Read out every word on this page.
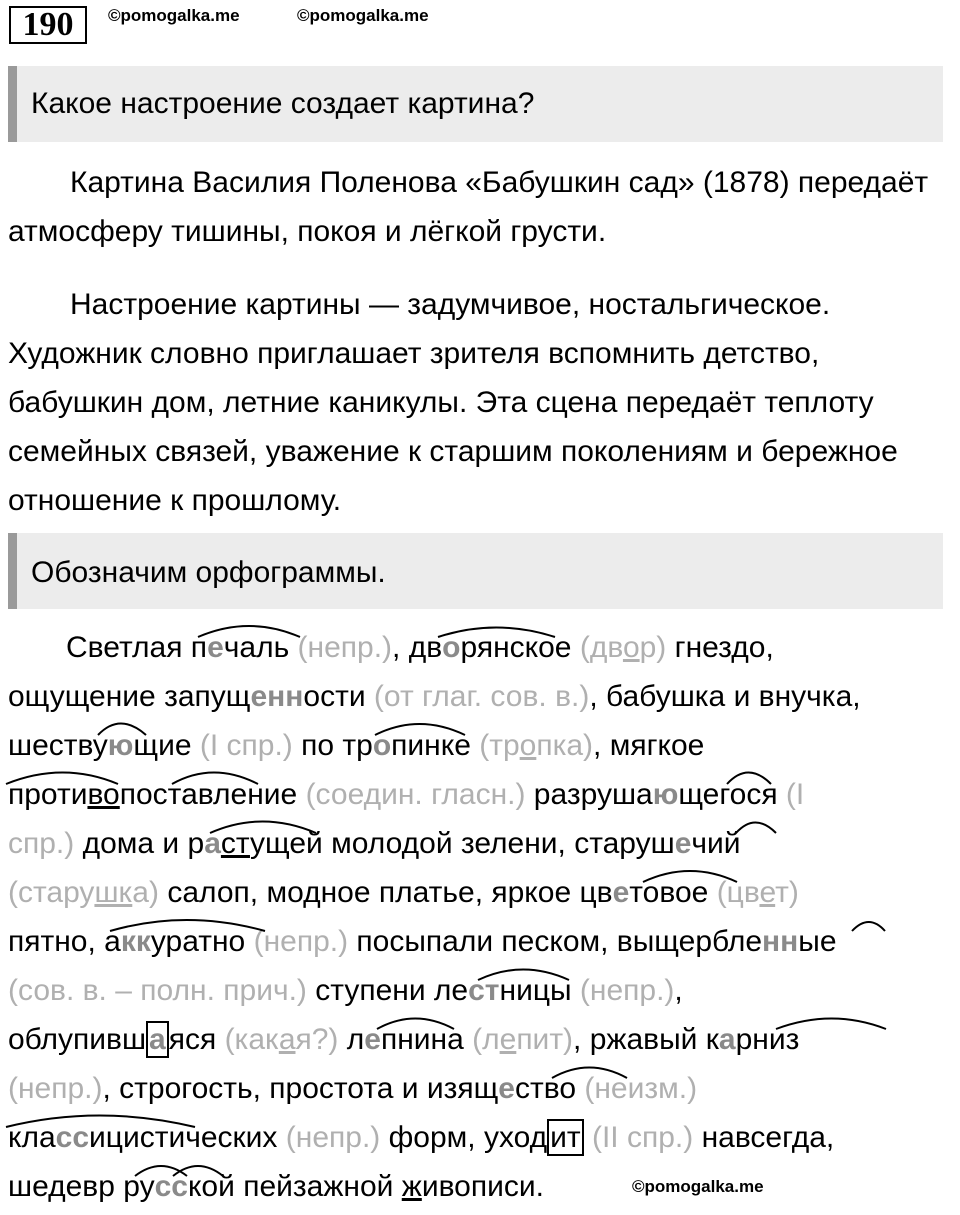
190	©pomogalka.me	©pomogalka.me
Какое настроение создает картина?
Картина Василия Поленова «Бабушкин сад» (1878) передаёт атмосферу тишины, покоя и лёгкой грусти.
Настроение картины — задумчивое, ностальгическое. Художник словно приглашает зрителя вспомнить детство, бабушкин дом, летние каникулы. Эта сцена передаёт теплоту семейных связей, уважение к старшим поколениям и бережное отношение к прошлому.
Обозначим орфограммы.
Светлая печаль (непр.), дворянское (двор) гнездо,
ощущение запущенности (от глаг. сов. в.), бабушка и внучка,
шествующие (I спр.) по тропинке (тропка), мягкое
противопоставление (соедин. гласн.) разрушающегося (I
спр.) дома и растущей молодой зелени, старушечий
(старушка) салоп, модное платье, яркое цветовое (цвет)
пятно, аккуратно (непр.) посыпали песком, выщербленные
(сов. в. – полн. прич.) ступени лестницы (непр.),
облупивш а яся (какая?) лепнина (лепит), ржавый карниз
(непр.), строгость, простота и изящество (неизм.)
классицистических (непр.) форм, уход ит (II спр.) навсегда,
шедевр русской пейзажной живописи.	©pomogalka.me
